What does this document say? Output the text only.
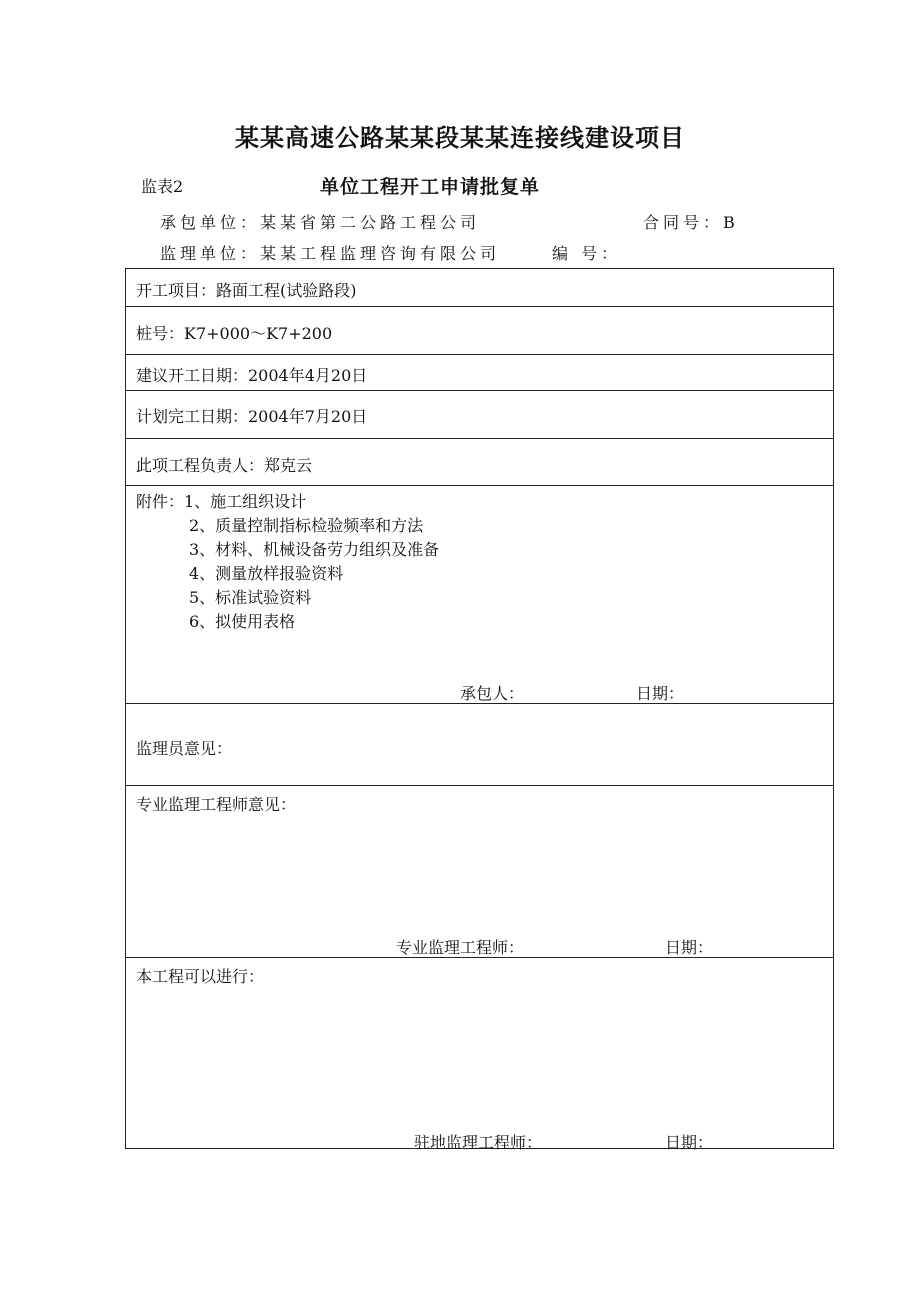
某某高速公路某某段某某连接线建设项目
监表2	单位工程开工申请批复单
承包单位：某某省第二公路工程公司	合同号：B
监理单位：某某工程监理咨询有限公司	编 号：
开工项目：路面工程(试验路段)
桩号：K7+000～K7+200
建议开工日期：2004年4月20日
计划完工日期：2004年7月20日
此项工程负责人：郑克云
附件： 1、施工组织设计
2、质量控制指标检验频率和方法
3、材料、机械设备劳力组织及准备
4、测量放样报验资料
5、标准试验资料
6、拟使用表格
承包人：	日期：
监理员意见：
专业监理工程师意见：
专业监理工程师：	日期：
本工程可以进行：
驻地监理工程师：	日期：
